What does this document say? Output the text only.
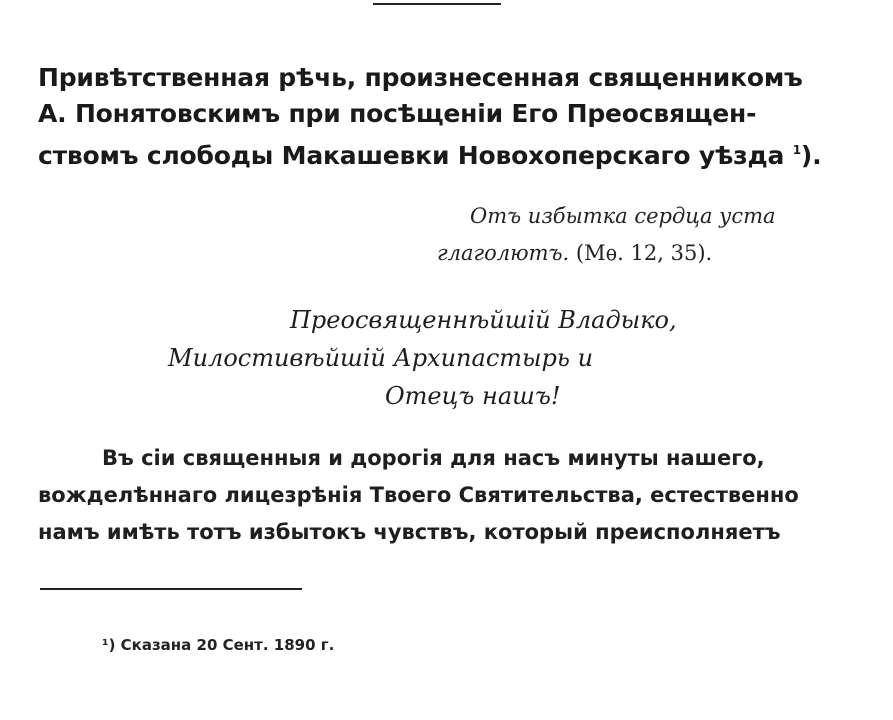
Привѣтственная рѣчь, произнесенная священникомъ
А. Понятовскимъ при посѣщеніи Его Преосвящен-
ствомъ слободы Макашевки Новохоперскаго уѣзда $^1$).
Отъ избытка сердца уста
глаголютъ. (Мѳ. 12, 35).
Преосвященнѣйшій Владыко,
Милостивѣйшій Архипастырь и
Отецъ нашъ!
Въ сіи священныя и дорогія для насъ минуты нашего,
вожделѣннаго лицезрѣнія Твоего Святительства, естественно
намъ имѣть тотъ избытокъ чувствъ, который преисполняетъ
¹) Сказана 20 Сент. 1890 г.
